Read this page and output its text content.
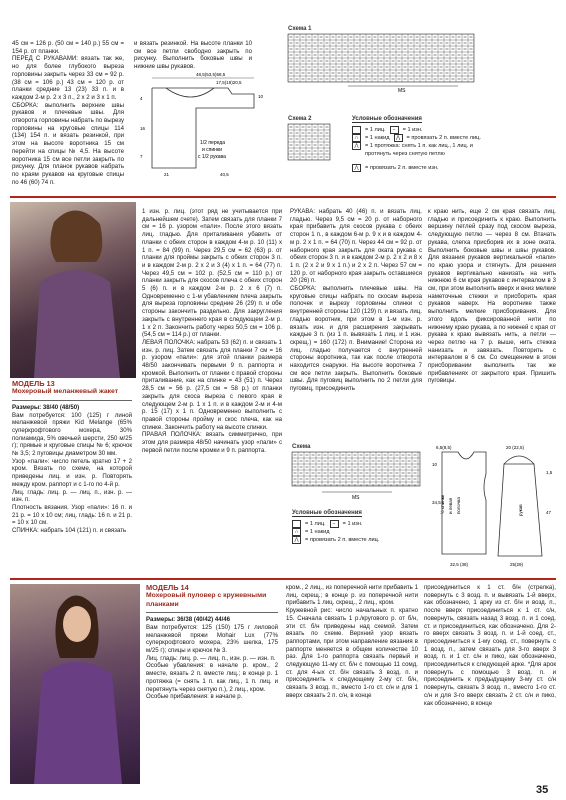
45 см = 126 р. (50 см = 140 р.) 55 см = 154 р. от планки.
ПЕРЕД С РУКАВАМИ: вязать так же, но для более глубокого выреза горловины закрыть через 33 см = 92 р. (38 см = 106 р.) 43 см = 120 р. от планки средние 13 (23) 33 п. и в каждом 2-м р. 2 х 3 п., 2 х 2 и 3 х 1 п.
СБОРКА: выполнить верхние швы рукавов и плечевые швы. Для отворота горловины набрать по вырезу горловины на круговые спицы 114 (134) 154 п. и вязать резинкой, при этом на высоте воротника 15 см перейти на спицы № 4,5. На высоте воротника 15 см все петли закрыть по рисунку. Для планок рукавов набрать по краям рукавов на круговые спицы по 46 (60) 74 п.
и вязать резинкой. На высоте планки 10 см все петли свободно закрыть по рисунку. Выполнить боковые швы и нижние швы рукавов.
48,5(53,5)58,5
17,5(19)20,5
10
4
16
7
40,5
21
1/2 переда
и спинки
с 1/2 рукава
Схема 1
MS
Схема 2	Условные обозначения
= 1 лиц.	−	= 1 изн.
∩	= 1 накид	⋀	= провязать 2 п. вместе лиц.
⋀	= 1 протяжка: снять 1 п. как лиц., 1 лиц. и протянуть через снятую петлю
⋀	= провязать 2 п. вместе изн.
МОДЕЛЬ 13
Мохеровый меланжевый жакет
Размеры: 38/40 (48/50)
Вам потребуется: 100 (125) г линой меланжевой пряжи Kid Melange (65% суперкрофтового мохера, 30% полиамида, 5% овечьей шерсти, 250 м/25 г); прямые и круговые спицы № 6; крючок № 3,5; 2 пуговицы диаметром 30 мм.
Узор «пали»: число петель кратно 17 + 2 кром. Вязать по схеме, на которой приведены лиц. и изн. р. Повторять между кром. раппорт и с 1-го по 4-й р.
Лиц. гладь: лиц. р. — лиц. п., изн. р. — изн. п.
Плотность вязания. Узор «пали»: 16 п. и 21 р. = 10 х 10 см; лиц. гладь: 16 п. и 21 р. = 10 х 10 см.
СПИНКА: набрать 104 (121) п. и связать
1 изн. р. лиц. (этот ряд не учитывается при дальнейшем счете). Затем связать для планки 7 см = 16 р. узором «пали». После этого вязать лиц. гладью. Для приталивания убавить от планки с обеих сторон в каждом 4-м р. 10 (11) х 1 п. = 84 (99) п. Через 29,5 см = 62 (63) р. от планки для проймы закрыть с обеих сторон 3 п. и в каждом 2-м р. 2 х 2 и 3 (4) х 1 п. = 64 (77) п. Через 49,5 см = 102 р. (52,5 см = 110 р.) от планки закрыть для скосов плеча с обеих сторон 5 (6) п. и в каждом 2-м р. 2 х 6 (7) п. Одновременно с 1-м убавлением плеча закрыть для выреза горловины средние 26 (29) п. и обе стороны закончить раздельно. Для закругления закрыть с внутреннего края в следующем 2-м р. 1 х 2 п. Закончить работу через 50,5 см = 106 р. (54,5 см = 114 р.) от планки.
ЛЕВАЯ ПОЛОЧКА: набрать 53 (62) п. и связать 1 изн. р. лиц. Затем связать для планки 7 см = 16 р. узором «пали»: для этой планки размера 48/50 закончивать первыми 9 п. раппорта и кромкой. Выполнить от планки с правой стороны приталивание, как на спинке = 43 (51) п. Через 28,5 см = 56 р. (27,5 см = 58 р.) от планки закрыть для скоса выреза с левого края в следующем 2-м р. 1 х 1 п. и в каждом 2-м и 4-м р. 15 (17) х 1 п. Одновременно выполнить с правой стороны пройму и скос плеча, как на спинке. Закончить работу на высоте спинки.
ПРАВАЯ ПОЛОЧКА: вязать симметрично, при этом для размера 48/50 начинать узор «пали» с первой петли после кромки и 9 п. раппорта.
РУКАВА: набрать 40 (46) п. и вязать лиц. гладью. Через 9,5 см = 20 р. от наборного края прибавить для скосов рукава с обеих сторон 1 п., в каждом 6-м р. 9 х и в каждом 4-м р. 2 х 1 п. = 64 (70) п. Через 44 см = 92 р. от наборного края закрыть для оката рукава с обеих сторон 3 п. и в каждом 2-м р. 2 х 2 и 8 х 1 п. (2 х 2 и 9 х 1 п.) и 2 х 2 п. Через 57 см = 120 р. от наборного края закрыть оставшиеся 20 (26) п.
СБОРКА: выполнить плечевые швы. На круговые спицы набрать по скосам выреза полочек и вырезу горловины спинки с внутренней стороны 120 (129) п. и вязать лиц. гладью воротник, при этом в 1-м изн. р. вязать изн. и для расширения закрывать каждые 3 п. (из 1 п. вывязать 1 лиц. и 1 изн. скрещ.) = 160 (172) п. Внимание! Сторона из лиц. гладью получается с внутренней стороны воротника, так как после отворота находится снаружи. На высоте воротника 7 см все петли закрыть. Выполнить боковые швы. Для пуговиц выполнить по 2 петли для пуговиц, присоединить
к краю нить, еще 2 см края связать лиц. гладью и присоединить к краю. Выполнить вершину петлей сразу под скосом выреза, следующую петлю — через 8 см. Втачать рукава, слегка присборив их в зоне оката. Выполнить боковые швы и швы рукавов. Для вязания рукавов вертикальной «пали» по краю узора и стягнуть. Для решения рукавов вертикально нанизать на нить нижнюю 6 см края рукавов с интервалом в 3 см, при этом выполнить вверх и вниз мелкие наметочные стежки и присборить края рукавов наверх. На воротнике также выполнить мелкие присборивания. Для этого вдоль фиксированной нити по нижнему краю рукава, а по нижней с края от рукава к краю вывязать нить, а петли — через петлю на 7 р. выше, нить стежка нанизать и завязать. Повторить с интервалом в 6 см. Со смещением в этом присборивании выполнить так же прибавлениях от закрытого края. Пришить пуговицы.
Схема
MS
Условные обозначения
= 1 лиц.	−	= 1 изн.
∩	= 1 накид
⋀	= провязать 2 п. вместе лиц.
6,5(8,5)	20 (22,5)
½ спинки и левая полочка	рукав
32,5 (38)	25(29)
10
34,5
47
1,5
МОДЕЛЬ 14
Мохеровый пуловер с кружевными планками
Размеры: 36/38 (40/42) 44/46
Вам потребуется: 125 (150) 175 г лиловой меланжевой пряжи Mohair Lux (77% суперкрофтового мохера, 23% шелка, 175 м/25 г); спицы и крючок № 3.
Лиц. гладь: лиц. р. — лиц. п., изн. р. — изн. п.
Особые убавления: в начале р. кром., 2 вместе, вязать 2 п. вместе лиц.; в конце р. 1 протяжка (= снять 1 п. как лиц., 1 п. лиц. и перетянуть через снятую п.), 2 лиц., кром.
Особые прибавления: в начале р.
кром., 2 лиц., из поперечной нити прибавить 1 лиц. скрещ.; в конце р. из поперечной нити прибавить 1 лиц. скрещ., 2 лиц., кром.
Кружевной рис: число начальных п. кратно 15. Сначала связать 1 р./кругового р. от б/н, эти ст. б/н приведены над схемой. Затем вязать по схеме. Верхний узор вязать раппортами, при этом направление вязания в раппорте меняется в общем количестве 10 раз. Для 1-го раппорта связать первый и следующую 11-му ст. б/н с помощью 11 сомд. ст. для 4-ых ст. б/н связать 3 возд. п. и присоединить к следующему 2-му ст. б/н, связать 3 возд. п., вместо 1-го ст. с/н и для 1 вверх связать 2 п. с/н, в конце
присоединиться к 1 ст. б/н (стрелка), повернуть с 3 возд. п. и вывязать 1-й вверх, как обозначено, 1 арку из ст. б/н и возд. п., после вверх присоединиться к 1 ст. с/н, повернуть, связать назад 3 возд. п. и 1 соед. ст. и присоединиться, как обозначено. Для 2-го вверх связать 3 возд. п. и 1-й соед. ст., присоединиться к 1-му соед. ст., повернуть с 1 возд. п., затем связать для 3-го вверх 3 возд. п. и 1 ст. с/н и пико, как обозначено, присоединиться к следующей арке. *Для арок повернуть с помощью 3 возд. п. и присоединить к предыдущему 3-му ст. с/н повернуть, связать 3 возд. п., вместо 1-го ст. с/н и для 3-го вверх связать 2 ст. с/н и пико, как обозначено, в конце
35
